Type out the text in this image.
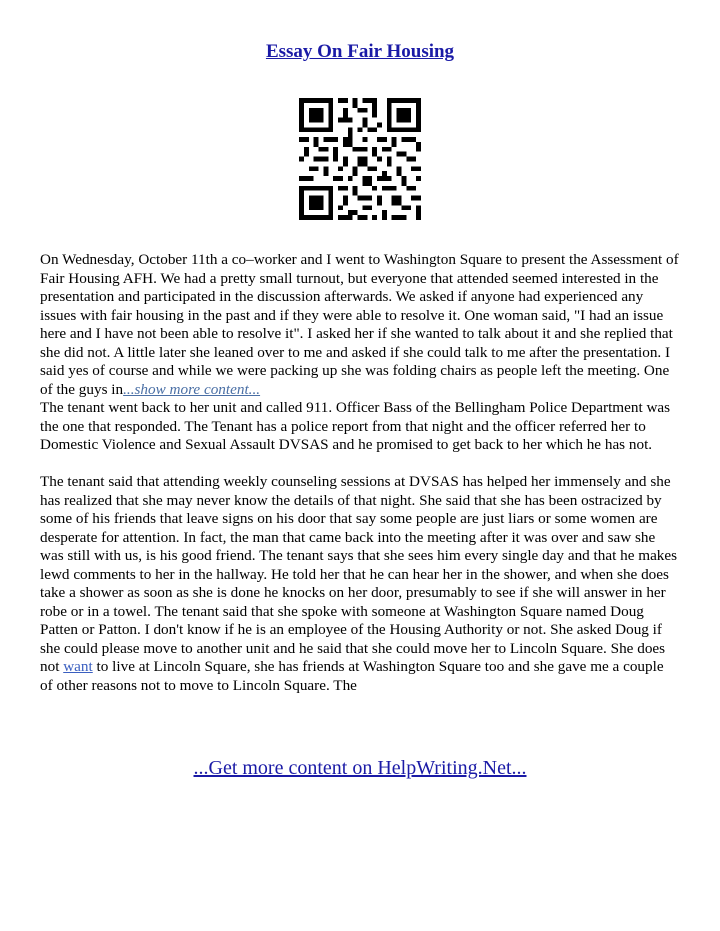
Essay On Fair Housing

On Wednesday, October 11th a co–worker and I went to Washington Square to present the Assessment of Fair Housing AFH. We had a pretty small turnout, but everyone that attended seemed interested in the presentation and participated in the discussion afterwards. We asked if anyone had experienced any issues with fair housing in the past and if they were able to resolve it. One woman said, "I had an issue here and I have not been able to resolve it". I asked her if she wanted to talk about it and she replied that she did not. A little later she leaned over to me and asked if she could talk to me after the presentation. I said yes of course and while we were packing up she was folding chairs as people left the meeting. One of the guys in...show more content...
The tenant went back to her unit and called 911. Officer Bass of the Bellingham Police Department was the one that responded. The Tenant has a police report from that night and the officer referred her to Domestic Violence and Sexual Assault DVSAS and he promised to get back to her which he has not.

The tenant said that attending weekly counseling sessions at DVSAS has helped her immensely and she has realized that she may never know the details of that night. She said that she has been ostracized by some of his friends that leave signs on his door that say some people are just liars or some women are desperate for attention. In fact, the man that came back into the meeting after it was over and saw she was still with us, is his good friend. The tenant says that she sees him every single day and that he makes lewd comments to her in the hallway. He told her that he can hear her in the shower, and when she does take a shower as soon as she is done he knocks on her door, presumably to see if she will answer in her robe or in a towel. The tenant said that she spoke with someone at Washington Square named Doug Patten or Patton. I don't know if he is an employee of the Housing Authority or not. She asked Doug if she could please move to another unit and he said that she could move her to Lincoln Square. She does not want to live at Lincoln Square, she has friends at Washington Square too and she gave me a couple of other reasons not to move to Lincoln Square. The

...Get more content on HelpWriting.Net...
